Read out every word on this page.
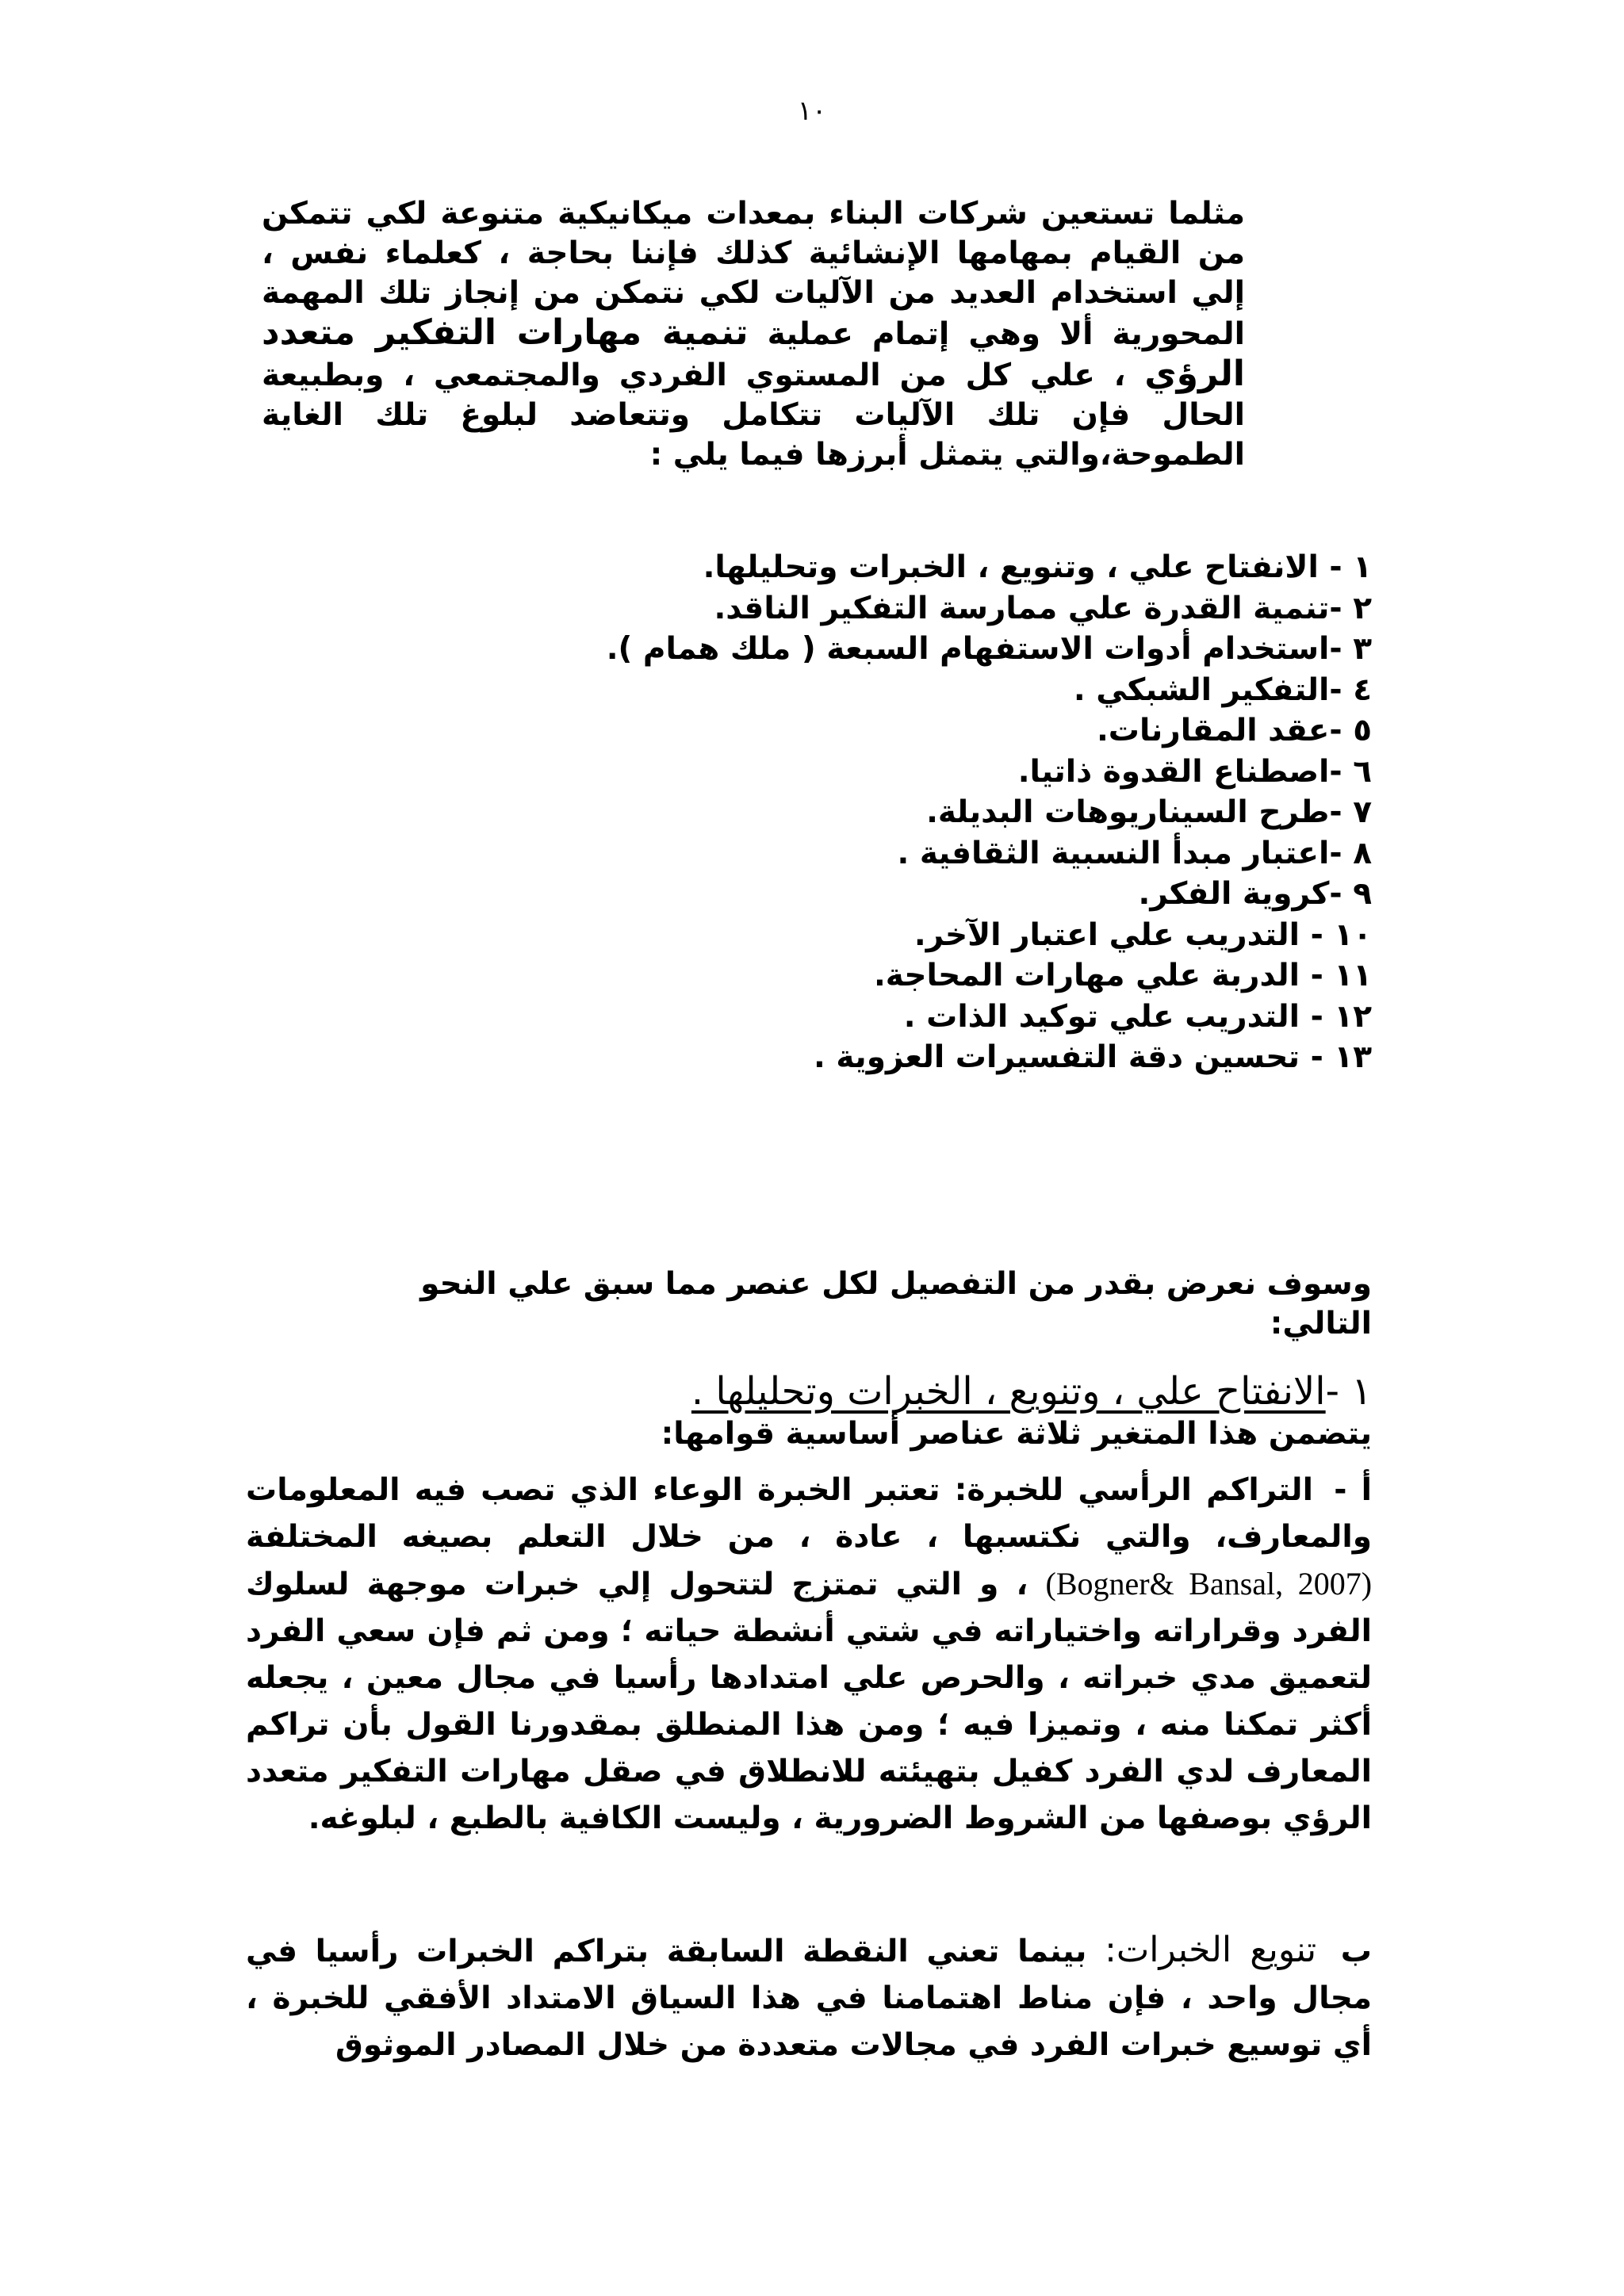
١٠
مثلما تستعين شركات البناء بمعدات ميكانيكية متنوعة لكي تتمكن من القيام بمهامها الإنشائية كذلك فإننا بحاجة ، كعلماء نفس ، إلي استخدام العديد من الآليات لكي نتمكن من إنجاز تلك المهمة المحورية ألا وهي إتمام عملية تنمية مهارات التفكير متعدد الرؤي ، علي كل من المستوي الفردي والمجتمعي ، وبطبيعة الحال فإن تلك الآليات تتكامل وتتعاضد لبلوغ تلك الغاية الطموحة،والتي يتمثل أبرزها فيما يلي :
١ - الانفتاح علي ، وتنويع ، الخبرات وتحليلها.
٢ -تنمية القدرة علي ممارسة التفكير الناقد.
٣ -استخدام أدوات الاستفهام السبعة ( ملك همام ).
٤ -التفكير الشبكي .
٥ -عقد المقارنات.
٦ -اصطناع القدوة ذاتيا.
٧ -طرح السيناريوهات البديلة.
٨ -اعتبار مبدأ النسبية الثقافية .
٩ -كروية الفكر.
١٠ - التدريب علي اعتبار الآخر.
١١ - الدربة علي مهارات المحاجة.
١٢ - التدريب علي توكيد الذات .
١٣ - تحسين دقة التفسيرات العزوية .
وسوف نعرض بقدر من التفصيل لكل عنصر مما سبق علي النحو التالي:
١ -الانفتاح علي ، وتنويع ، الخبرات وتحليلها .
يتضمن هذا المتغير ثلاثة عناصر أساسية قوامها:
أ - التراكم الرأسي للخبرة: تعتبر الخبرة الوعاء الذي تصب فيه المعلومات والمعارف، والتي نكتسبها ، عادة ، من خلال التعلم بصيغه المختلفة (Bogner& Bansal, 2007) ، و التي تمتزج لتتحول إلي خبرات موجهة لسلوك الفرد وقراراته واختياراته في شتي أنشطة حياته ؛ ومن ثم فإن سعي الفرد لتعميق مدي خبراته ، والحرص علي امتدادها رأسيا في مجال معين ، يجعله أكثر تمكنا منه ، وتميزا فيه ؛ ومن هذا المنطلق بمقدورنا القول بأن تراكم المعارف لدي الفرد كفيل بتهيئته للانطلاق في صقل مهارات التفكير متعدد الرؤي بوصفها من الشروط الضرورية ، وليست الكافية بالطبع ، لبلوغه.
ب تنويع الخبرات: بينما تعني النقطة السابقة بتراكم الخبرات رأسيا في مجال واحد ، فإن مناط اهتمامنا في هذا السياق الامتداد الأفقي للخبرة ، أي توسيع خبرات الفرد في مجالات متعددة من خلال المصادر الموثوق
